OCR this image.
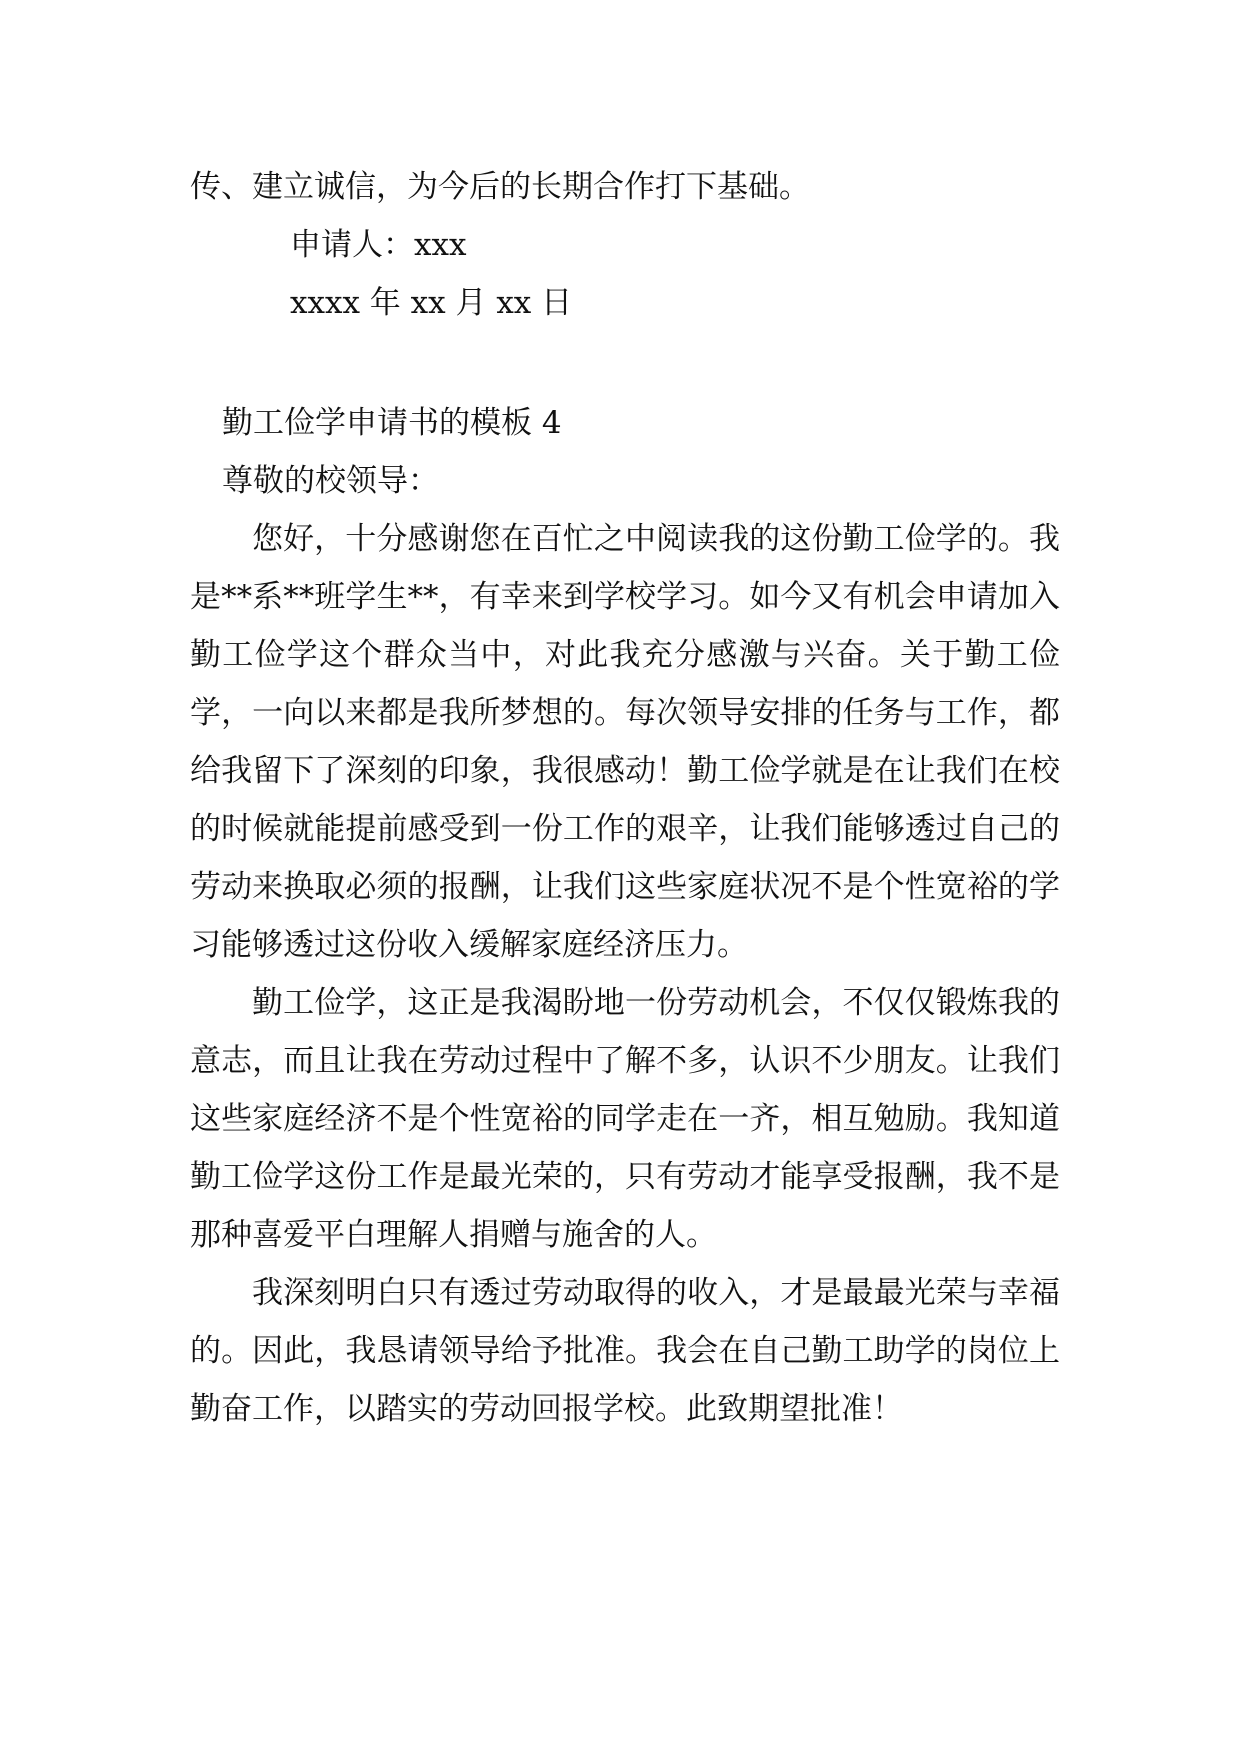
传、建立诚信，为今后的长期合作打下基础。

申请人：xxx

xxxx 年 xx 月 xx 日

勤工俭学申请书的模板 4

尊敬的校领导：

您好，十分感谢您在百忙之中阅读我的这份勤工俭学的。我是**系**班学生**，有幸来到学校学习。如今又有机会申请加入勤工俭学这个群众当中，对此我充分感激与兴奋。关于勤工俭学，一向以来都是我所梦想的。每次领导安排的任务与工作，都给我留下了深刻的印象，我很感动！勤工俭学就是在让我们在校的时候就能提前感受到一份工作的艰辛，让我们能够透过自己的劳动来换取必须的报酬，让我们这些家庭状况不是个性宽裕的学习能够透过这份收入缓解家庭经济压力。

勤工俭学，这正是我渴盼地一份劳动机会，不仅仅锻炼我的意志，而且让我在劳动过程中了解不多，认识不少朋友。让我们这些家庭经济不是个性宽裕的同学走在一齐，相互勉励。我知道勤工俭学这份工作是最光荣的，只有劳动才能享受报酬，我不是那种喜爱平白理解人捐赠与施舍的人。

我深刻明白只有透过劳动取得的收入，才是最最光荣与幸福的。因此，我恳请领导给予批准。我会在自己勤工助学的岗位上勤奋工作，以踏实的劳动回报学校。此致期望批准！
